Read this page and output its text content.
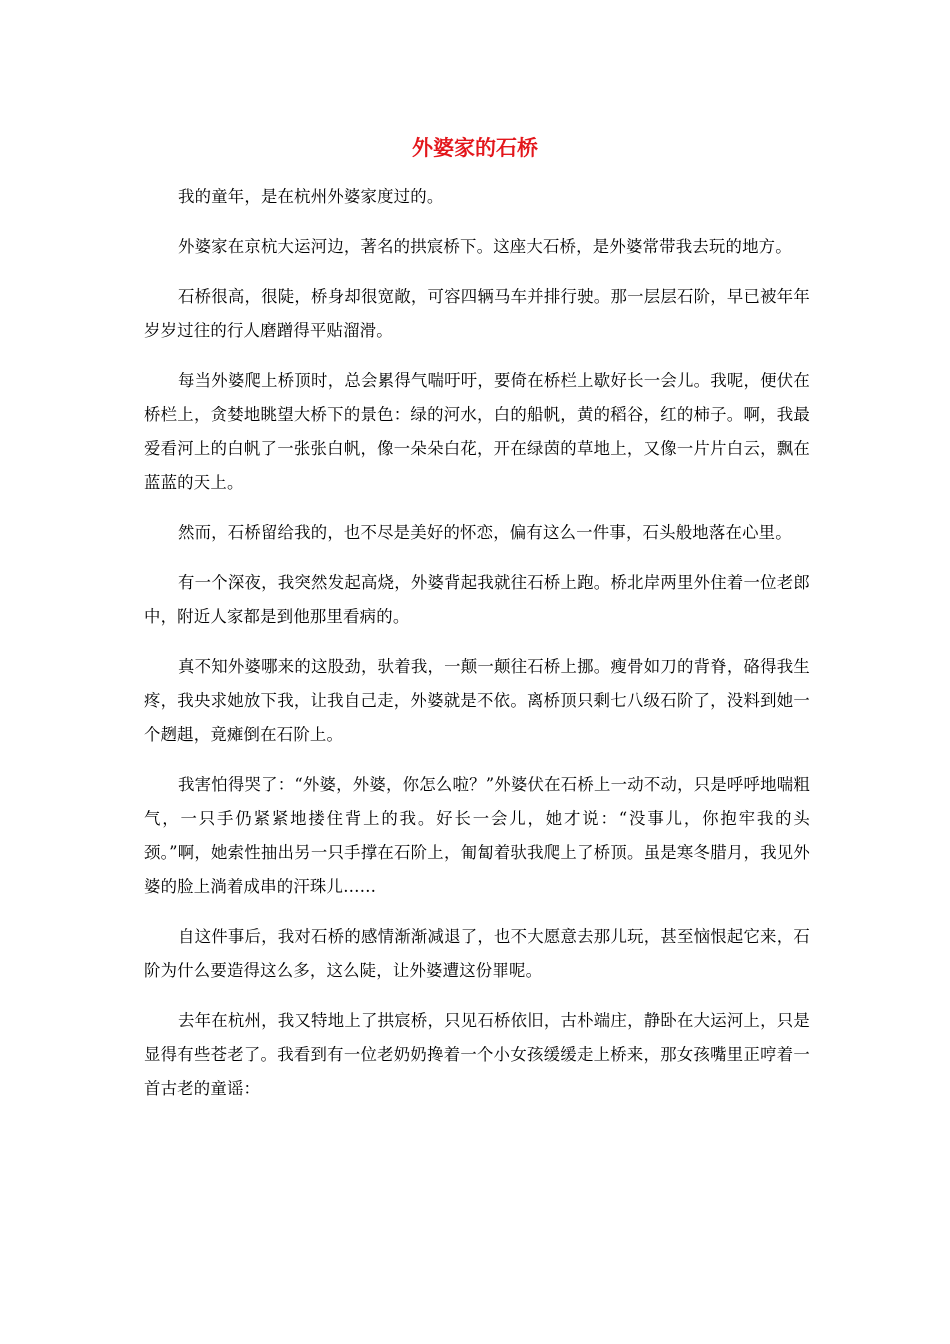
外婆家的石桥

我的童年，是在杭州外婆家度过的。

外婆家在京杭大运河边，著名的拱宸桥下。这座大石桥，是外婆常带我去玩的地方。

石桥很高，很陡，桥身却很宽敞，可容四辆马车并排行驶。那一层层石阶，早已被年年岁岁过往的行人磨蹭得平贴溜滑。

每当外婆爬上桥顶时，总会累得气喘吁吁，要倚在桥栏上歇好长一会儿。我呢，便伏在桥栏上，贪婪地眺望大桥下的景色：绿的河水，白的船帆，黄的稻谷，红的柿子。啊，我最爱看河上的白帆了一张张白帆，像一朵朵白花，开在绿茵的草地上，又像一片片白云，飘在蓝蓝的天上。

然而，石桥留给我的，也不尽是美好的怀恋，偏有这么一件事，石头般地落在心里。

有一个深夜，我突然发起高烧，外婆背起我就往石桥上跑。桥北岸两里外住着一位老郎中，附近人家都是到他那里看病的。

真不知外婆哪来的这股劲，驮着我，一颠一颠往石桥上挪。瘦骨如刀的背脊，硌得我生疼，我央求她放下我，让我自己走，外婆就是不依。离桥顶只剩七八级石阶了，没料到她一个趔趄，竟瘫倒在石阶上。

我害怕得哭了：“外婆，外婆，你怎么啦？”外婆伏在石桥上一动不动，只是呼呼地喘粗气，一只手仍紧紧地搂住背上的我。好长一会儿，她才说：“没事儿，你抱牢我的头颈。”啊，她索性抽出另一只手撑在石阶上，匍匐着驮我爬上了桥顶。虽是寒冬腊月，我见外婆的脸上淌着成串的汗珠儿……

自这件事后，我对石桥的感情渐渐减退了，也不大愿意去那儿玩，甚至恼恨起它来，石阶为什么要造得这么多，这么陡，让外婆遭这份罪呢。

去年在杭州，我又特地上了拱宸桥，只见石桥依旧，古朴端庄，静卧在大运河上，只是显得有些苍老了。我看到有一位老奶奶搀着一个小女孩缓缓走上桥来，那女孩嘴里正哼着一首古老的童谣：
